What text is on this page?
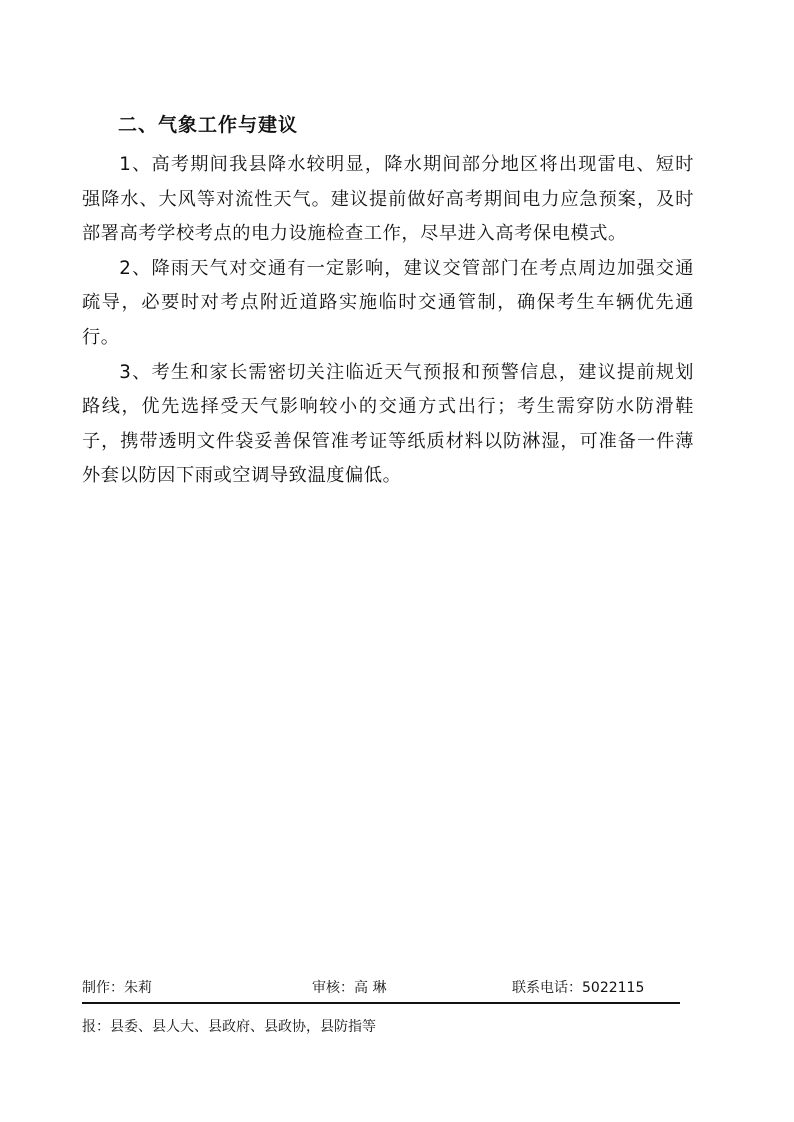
二、气象工作与建议

1、高考期间我县降水较明显，降水期间部分地区将出现雷电、短时强降水、大风等对流性天气。建议提前做好高考期间电力应急预案，及时部署高考学校考点的电力设施检查工作，尽早进入高考保电模式。

2、降雨天气对交通有一定影响，建议交管部门在考点周边加强交通疏导，必要时对考点附近道路实施临时交通管制，确保考生车辆优先通行。

3、考生和家长需密切关注临近天气预报和预警信息，建议提前规划路线，优先选择受天气影响较小的交通方式出行；考生需穿防水防滑鞋子，携带透明文件袋妥善保管准考证等纸质材料以防淋湿，可准备一件薄外套以防因下雨或空调导致温度偏低。

制作：朱莉	审核：高 琳	联系电话：5022115
报：县委、县人大、县政府、县政协，县防指等
